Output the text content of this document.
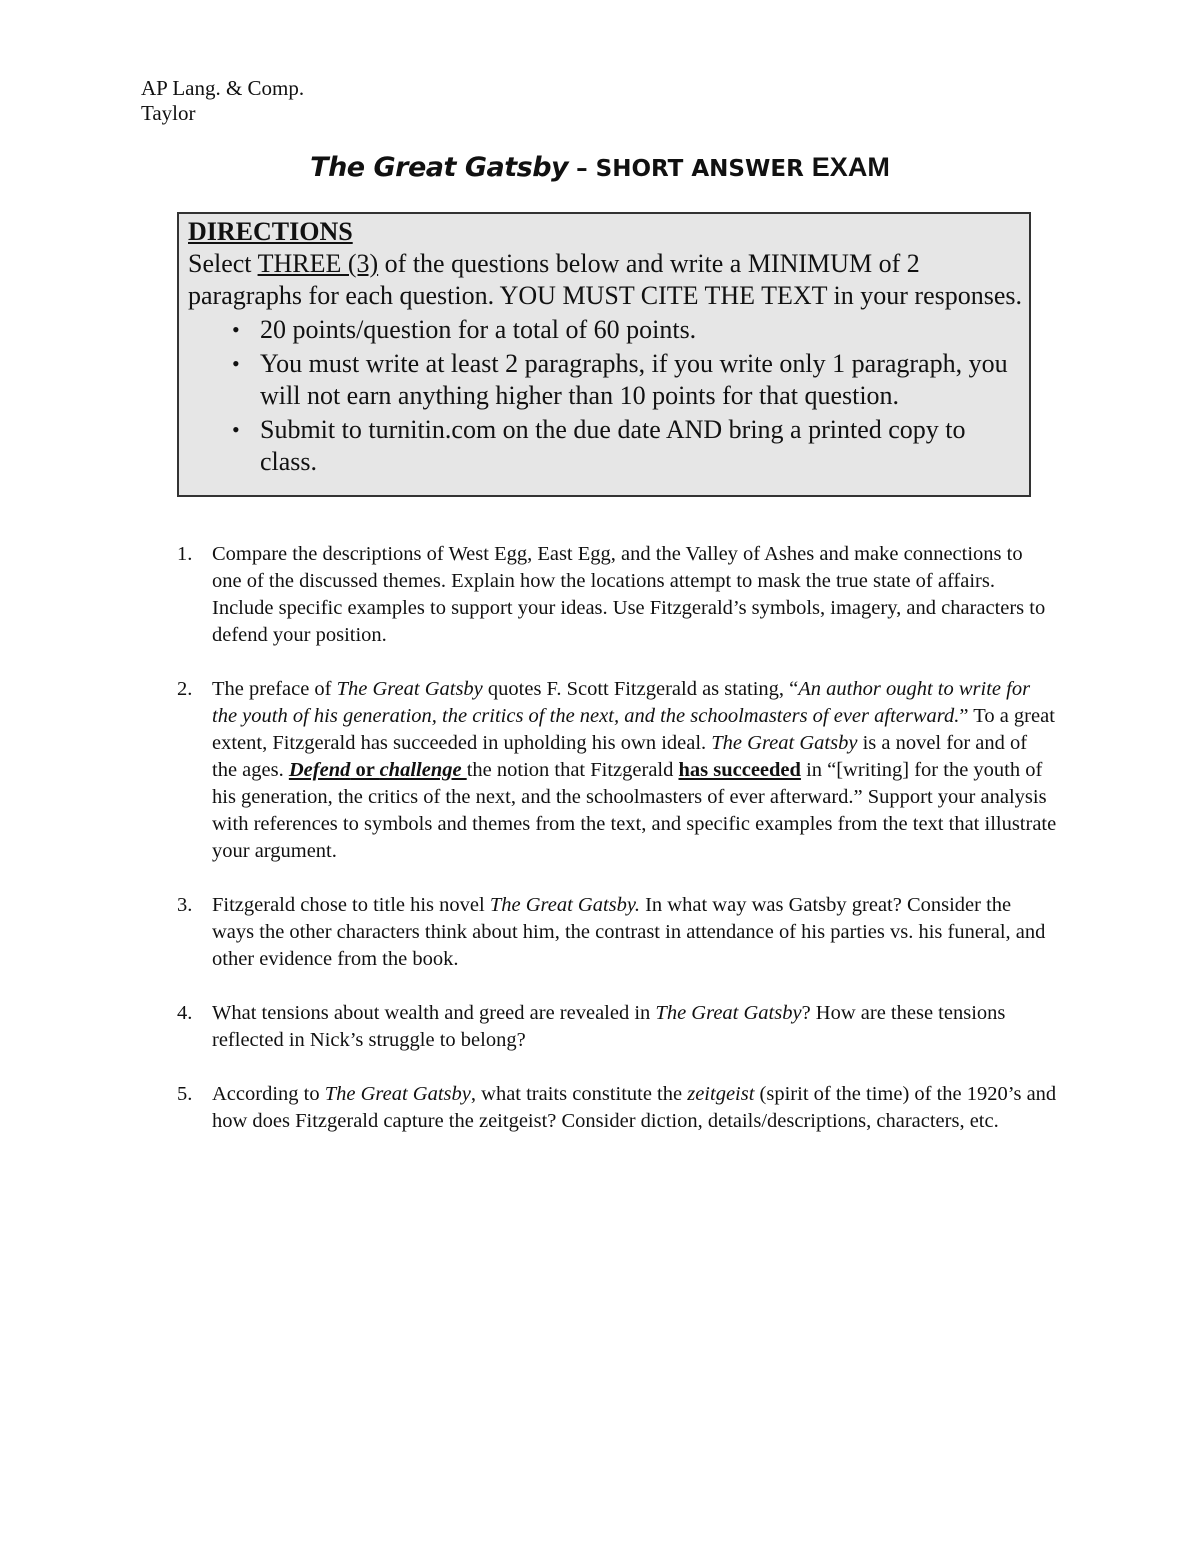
AP Lang. & Comp.
Taylor
The Great Gatsby – SHORT ANSWER EXAM
DIRECTIONS

Select THREE (3) of the questions below and write a MINIMUM of 2 paragraphs for each question. YOU MUST CITE THE TEXT in your responses.

• 20 points/question for a total of 60 points.
• You must write at least 2 paragraphs, if you write only 1 paragraph, you will not earn anything higher than 10 points for that question.
• Submit to turnitin.com on the due date AND bring a printed copy to class.
1. Compare the descriptions of West Egg, East Egg, and the Valley of Ashes and make connections to one of the discussed themes. Explain how the locations attempt to mask the true state of affairs. Include specific examples to support your ideas. Use Fitzgerald’s symbols, imagery, and characters to defend your position.
2. The preface of The Great Gatsby quotes F. Scott Fitzgerald as stating, “An author ought to write for the youth of his generation, the critics of the next, and the schoolmasters of ever afterward.” To a great extent, Fitzgerald has succeeded in upholding his own ideal. The Great Gatsby is a novel for and of the ages. Defend or challenge the notion that Fitzgerald has succeeded in “[writing] for the youth of his generation, the critics of the next, and the schoolmasters of ever afterward.” Support your analysis with references to symbols and themes from the text, and specific examples from the text that illustrate your argument.
3. Fitzgerald chose to title his novel The Great Gatsby. In what way was Gatsby great? Consider the ways the other characters think about him, the contrast in attendance of his parties vs. his funeral, and other evidence from the book.
4. What tensions about wealth and greed are revealed in The Great Gatsby? How are these tensions reflected in Nick’s struggle to belong?
5. According to The Great Gatsby, what traits constitute the zeitgeist (spirit of the time) of the 1920’s and how does Fitzgerald capture the zeitgeist? Consider diction, details/descriptions, characters, etc.
